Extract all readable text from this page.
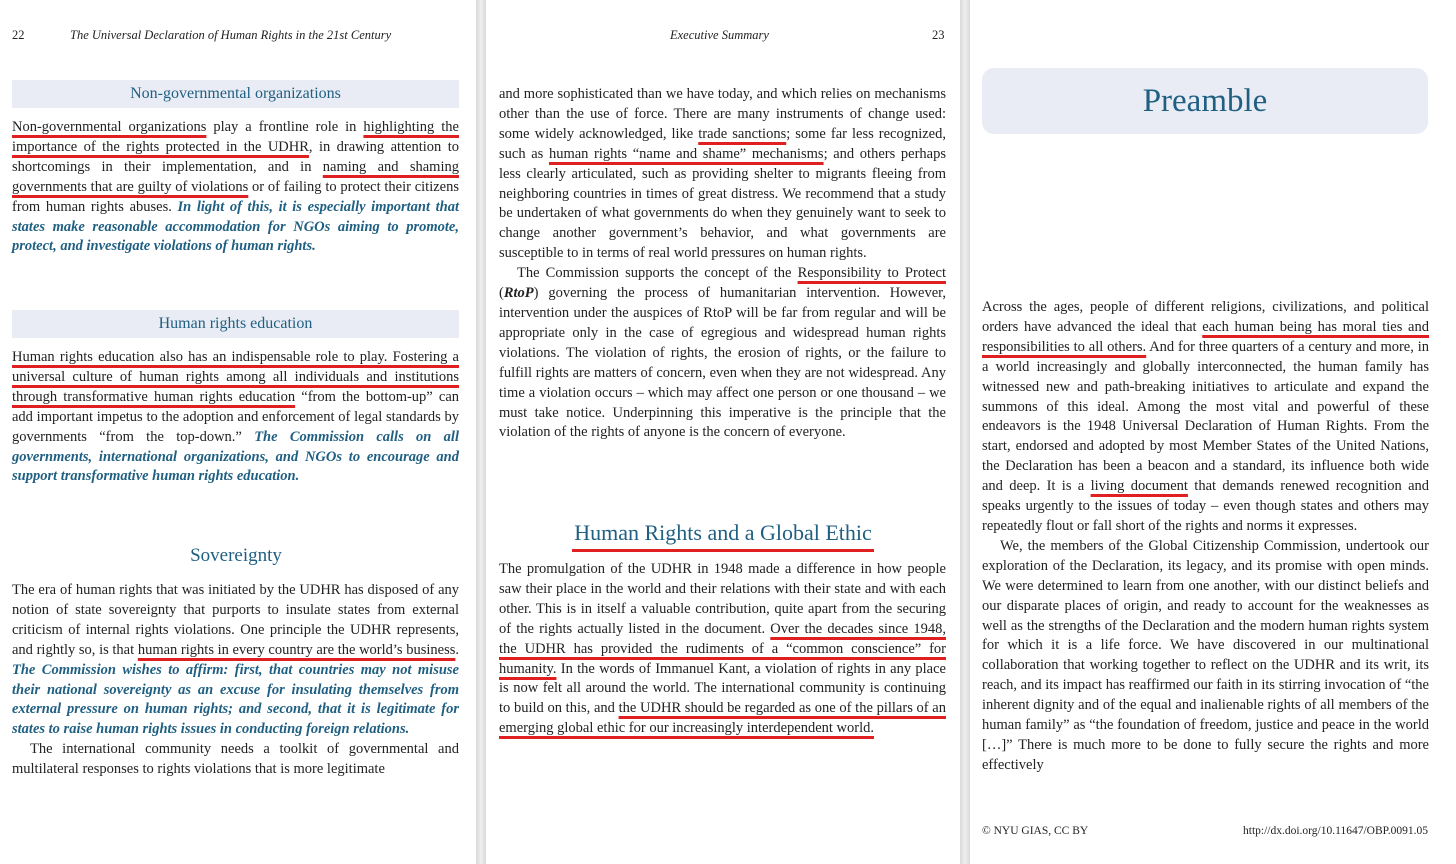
22	The Universal Declaration of Human Rights in the 21st Century
Non-governmental organizations

Non-governmental organizations play a frontline role in highlighting the importance of the rights protected in the UDHR, in drawing attention to shortcomings in their implementation, and in naming and shaming governments that are guilty of violations or of failing to protect their citizens from human rights abuses. In light of this, it is especially important that states make reasonable accommodation for NGOs aiming to promote, protect, and investigate violations of human rights.

Human rights education

Human rights education also has an indispensable role to play. Fostering a universal culture of human rights among all individuals and institutions through transformative human rights education “from the bottom-up” can add important impetus to the adoption and enforcement of legal standards by governments “from the top-down.” The Commission calls on all governments, international organizations, and NGOs to encourage and support transformative human rights education.

Sovereignty

The era of human rights that was initiated by the UDHR has disposed of any notion of state sovereignty that purports to insulate states from external criticism of internal rights violations. One principle the UDHR represents, and rightly so, is that human rights in every country are the world’s business. The Commission wishes to affirm: first, that countries may not misuse their national sovereignty as an excuse for insulating themselves from external pressure on human rights; and second, that it is legitimate for states to raise human rights issues in conducting foreign relations.

The international community needs a toolkit of governmental and multilateral responses to rights violations that is more legitimate

Executive Summary	23

and more sophisticated than we have today, and which relies on mechanisms other than the use of force. There are many instruments of change used: some widely acknowledged, like trade sanctions; some far less recognized, such as human rights “name and shame” mechanisms; and others perhaps less clearly articulated, such as providing shelter to migrants fleeing from neighboring countries in times of great distress. We recommend that a study be undertaken of what governments do when they genuinely want to seek to change another government’s behavior, and what governments are susceptible to in terms of real world pressures on human rights.

The Commission supports the concept of the Responsibility to Protect (RtoP) governing the process of humanitarian intervention. However, intervention under the auspices of RtoP will be far from regular and will be appropriate only in the case of egregious and widespread human rights violations. The violation of rights, the erosion of rights, or the failure to fulfill rights are matters of concern, even when they are not widespread. Any time a violation occurs – which may affect one person or one thousand – we must take notice. Underpinning this imperative is the principle that the violation of the rights of anyone is the concern of everyone.

Human Rights and a Global Ethic

The promulgation of the UDHR in 1948 made a difference in how people saw their place in the world and their relations with their state and with each other. This is in itself a valuable contribution, quite apart from the securing of the rights actually listed in the document. Over the decades since 1948, the UDHR has provided the rudiments of a “common conscience” for humanity. In the words of Immanuel Kant, a violation of rights in any place is now felt all around the world. The international community is continuing to build on this, and the UDHR should be regarded as one of the pillars of an emerging global ethic for our increasingly interdependent world.

Preamble

Across the ages, people of different religions, civilizations, and political orders have advanced the ideal that each human being has moral ties and responsibilities to all others. And for three quarters of a century and more, in a world increasingly and globally interconnected, the human family has witnessed new and path-breaking initiatives to articulate and expand the summons of this ideal. Among the most vital and powerful of these endeavors is the 1948 Universal Declaration of Human Rights. From the start, endorsed and adopted by most Member States of the United Nations, the Declaration has been a beacon and a standard, its influence both wide and deep. It is a living document that demands renewed recognition and speaks urgently to the issues of today – even though states and others may repeatedly flout or fall short of the rights and norms it expresses.

We, the members of the Global Citizenship Commission, undertook our exploration of the Declaration, its legacy, and its promise with open minds. We were determined to learn from one another, with our distinct beliefs and our disparate places of origin, and ready to account for the weaknesses as well as the strengths of the Declaration and the modern human rights system for which it is a life force. We have discovered in our multinational collaboration that working together to reflect on the UDHR and its writ, its reach, and its impact has reaffirmed our faith in its stirring invocation of “the inherent dignity and of the equal and inalienable rights of all members of the human family” as “the foundation of freedom, justice and peace in the world […]” There is much more to be done to fully secure the rights and more effectively

© NYU GIAS, CC BY	http://dx.doi.org/10.11647/OBP.0091.05
